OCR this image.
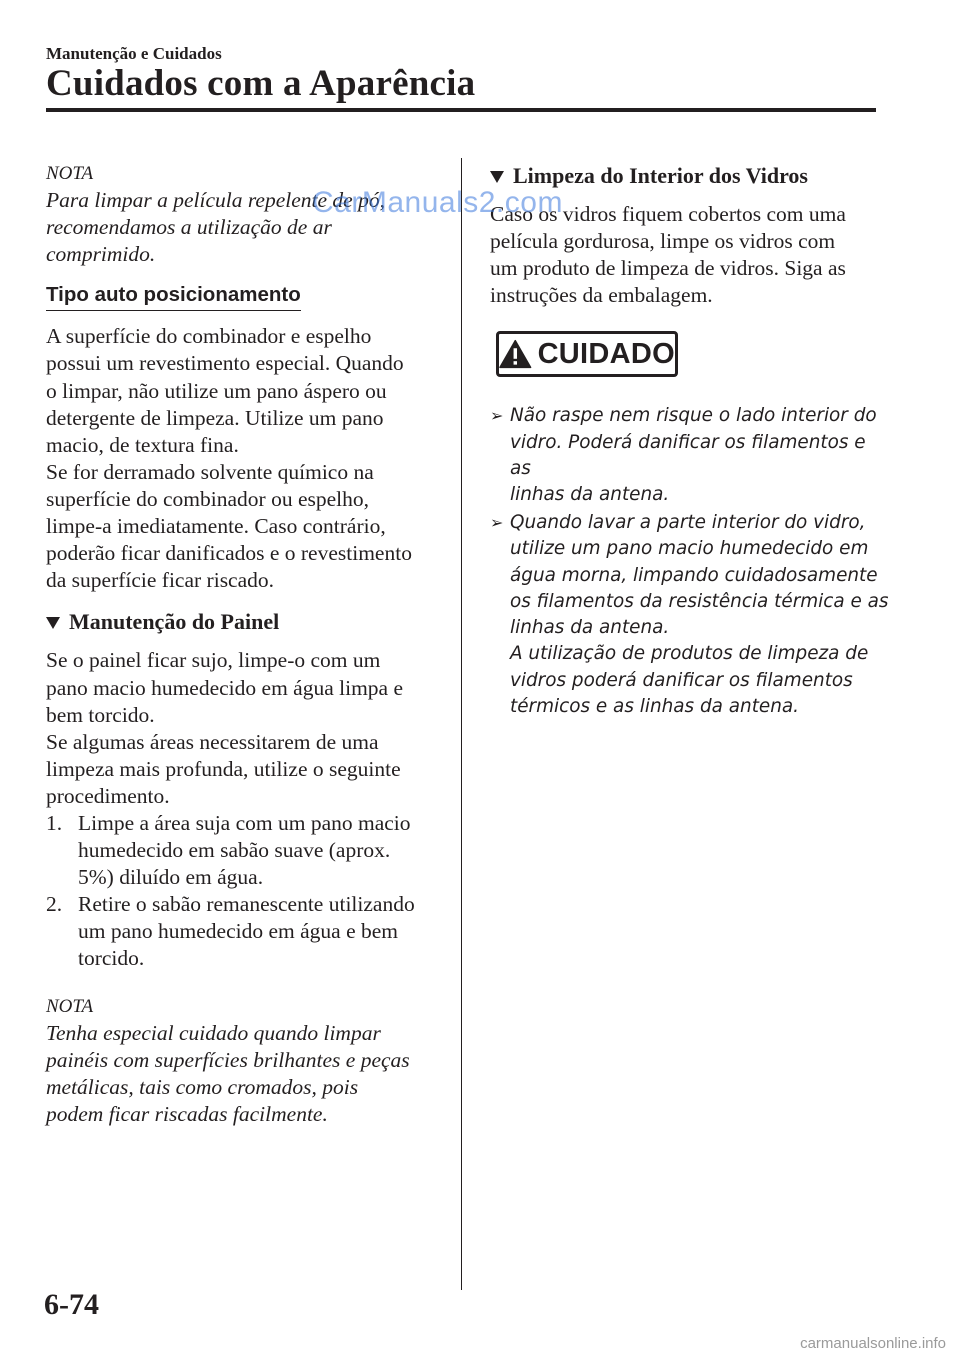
Manutenção e Cuidados
Cuidados com a Aparência

NOTA

Para limpar a película repelente de pó,
recomendamos a utilização de ar
comprimido.

Tipo auto posicionamento

A superfície do combinador e espelho
possui um revestimento especial. Quando
o limpar, não utilize um pano áspero ou
detergente de limpeza. Utilize um pano
macio, de textura fina.
Se for derramado solvente químico na
superfície do combinador ou espelho,
limpe-a imediatamente. Caso contrário,
poderão ficar danificados e o revestimento
da superfície ficar riscado.

Manutenção do Painel

Se o painel ficar sujo, limpe-o com um
pano macio humedecido em água limpa e
bem torcido.
Se algumas áreas necessitarem de uma
limpeza mais profunda, utilize o seguinte
procedimento.

1. Limpe a área suja com um pano macio
humedecido em sabão suave (aprox.
5%) diluído em água.
2. Retire o sabão remanescente utilizando
um pano humedecido em água e bem
torcido.

NOTA

Tenha especial cuidado quando limpar
painéis com superfícies brilhantes e peças
metálicas, tais como cromados, pois
podem ficar riscadas facilmente.

Limpeza do Interior dos Vidros

Caso os vidros fiquem cobertos com uma
película gordurosa, limpe os vidros com
um produto de limpeza de vidros. Siga as
instruções da embalagem.

CUIDADO
➢ Não raspe nem risque o lado interior do
vidro. Poderá danificar os filamentos e as
linhas da antena.
➢ Quando lavar a parte interior do vidro,
utilize um pano macio humedecido em
água morna, limpando cuidadosamente
os filamentos da resistência térmica e as
linhas da antena.
A utilização de produtos de limpeza de
vidros poderá danificar os filamentos
térmicos e as linhas da antena.
CarManuals2.com
6-74
carmanualsonline.info
